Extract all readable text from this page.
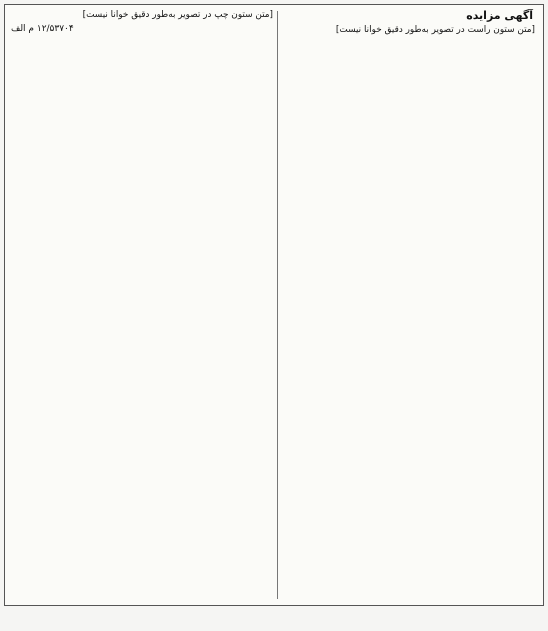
آگهی مزایده

[متن ستون راست در تصویر به‌طور دقیق خوانا نیست]

[متن ستون چپ در تصویر به‌طور دقیق خوانا نیست]

۱۲/۵۳۷۰۴ م الف
